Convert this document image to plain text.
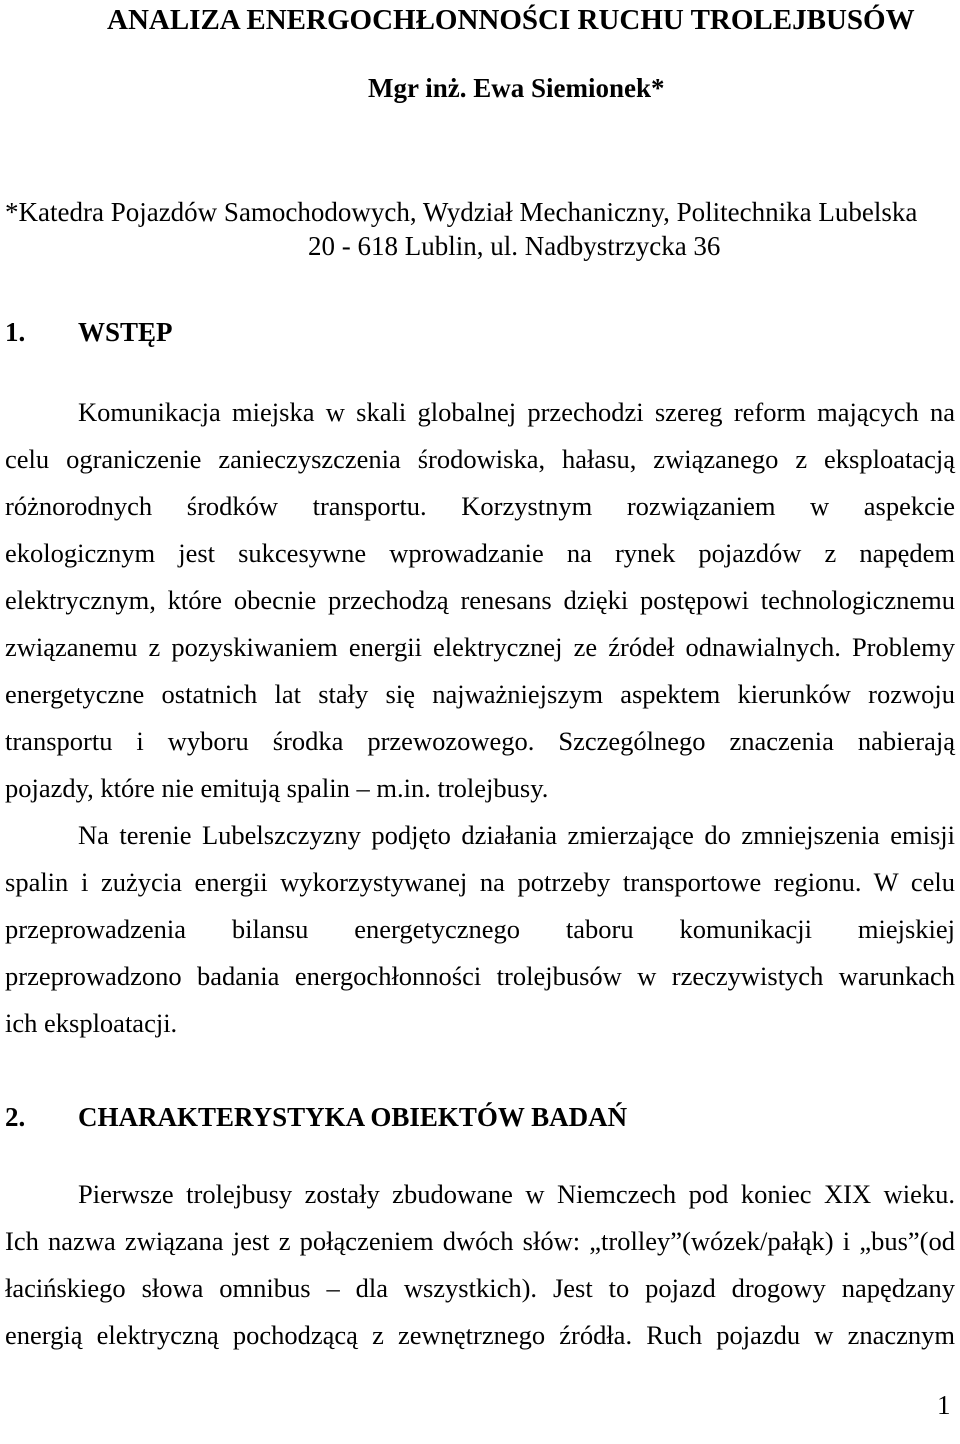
ANALIZA ENERGOCHŁONNOŚCI RUCHU TROLEJBUSÓW
Mgr inż. Ewa Siemionek*
*Katedra Pojazdów Samochodowych, Wydział Mechaniczny, Politechnika Lubelska
20 - 618 Lublin, ul. Nadbystrzycka 36
1. WSTĘP
Komunikacja miejska w skali globalnej przechodzi szereg reform mających na
celu ograniczenie zanieczyszczenia środowiska, hałasu, związanego z eksploatacją
różnorodnych środków transportu. Korzystnym rozwiązaniem w aspekcie
ekologicznym jest sukcesywne wprowadzanie na rynek pojazdów z napędem
elektrycznym, które obecnie przechodzą renesans dzięki postępowi technologicznemu
związanemu z pozyskiwaniem energii elektrycznej ze źródeł odnawialnych. Problemy
energetyczne ostatnich lat stały się najważniejszym aspektem kierunków rozwoju
transportu i wyboru środka przewozowego. Szczególnego znaczenia nabierają
pojazdy, które nie emitują spalin – m.in. trolejbusy.
Na terenie Lubelszczyzny podjęto działania zmierzające do zmniejszenia emisji
spalin i zużycia energii wykorzystywanej na potrzeby transportowe regionu. W celu
przeprowadzenia bilansu energetycznego taboru komunikacji miejskiej
przeprowadzono badania energochłonności trolejbusów w rzeczywistych warunkach
ich eksploatacji.
2. CHARAKTERYSTYKA OBIEKTÓW BADAŃ
Pierwsze trolejbusy zostały zbudowane w Niemczech pod koniec XIX wieku.
Ich nazwa związana jest z połączeniem dwóch słów: „trolley”(wózek/pałąk) i „bus”(od
łacińskiego słowa omnibus – dla wszystkich). Jest to pojazd drogowy napędzany
energią elektryczną pochodzącą z zewnętrznego źródła. Ruch pojazdu w znacznym
1
